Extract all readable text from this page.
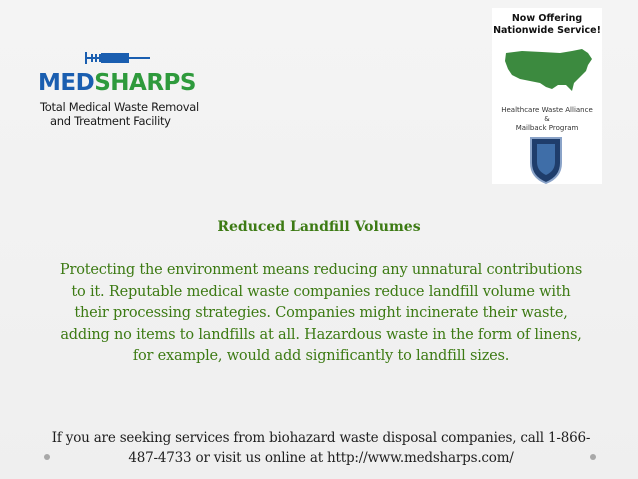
MEDSHARPS
Total Medical Waste Removal
and Treatment Facility
Now Offering
Nationwide Service!
Healthcare Waste Alliance
&
Mailback Program
Reduced Landfill Volumes
Protecting the environment means reducing any unnatural contributions to it. Reputable medical waste companies reduce landfill volume with their processing strategies. Companies might incinerate their waste, adding no items to landfills at all. Hazardous waste in the form of linens, for example, would add significantly to landfill sizes.
If you are seeking services from biohazard waste disposal companies, call 1-866-487-4733 or visit us online at http://www.medsharps.com/
